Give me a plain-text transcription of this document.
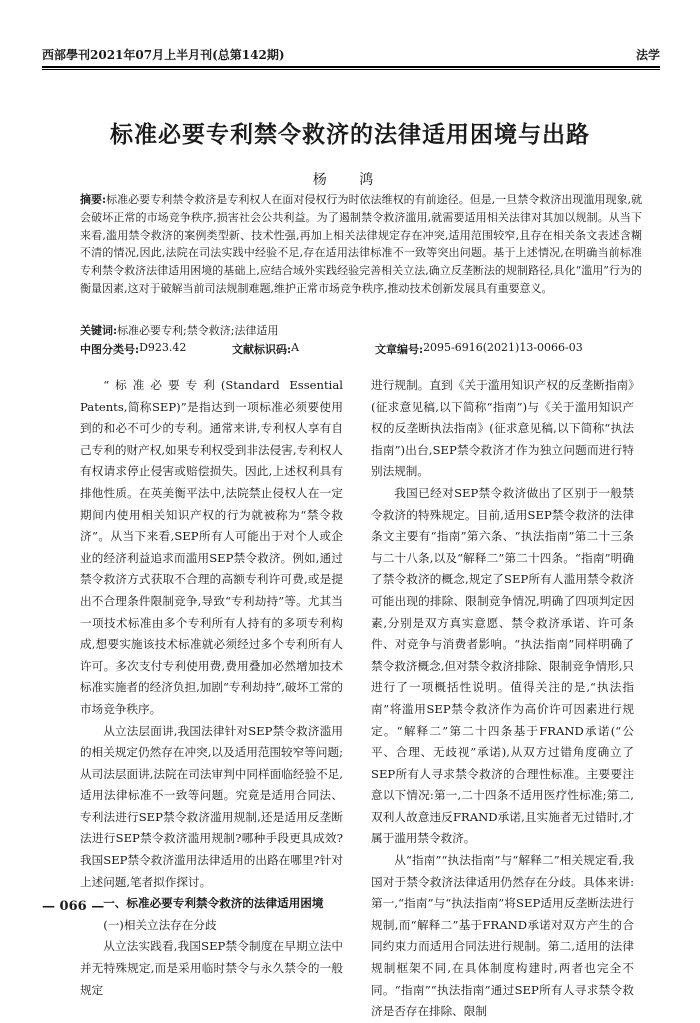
西部學刊2021年07月上半月刊(总第142期)	法学
标准必要专利禁令救济的法律适用困境与出路
杨 鸿
摘要:标准必要专利禁令救济是专利权人在面对侵权行为时依法维权的有前途径。但是,一旦禁令救济出现滥用现象,就会破坏正常的市场竞争秩序,损害社会公共利益。为了遏制禁令救济滥用,就需要适用相关法律对其加以规制。从当下来看,滥用禁令救济的案例类型新、技术性强,再加上相关法律规定存在冲突,适用范围较窄,且存在相关条文表述含糊不清的情况,因此,法院在司法实践中经验不足,存在适用法律标准不一致等突出问题。基于上述情况,在明确当前标准专利禁令救济法律适用困境的基础上,应结合域外实践经验完善相关立法,确立反垄断法的规制路径,具化“滥用”行为的衡量因素,这对于破解当前司法规制难题,维护正常市场竞争秩序,推动技术创新发展具有重要意义。
关键词:标准必要专利;禁令救济;法律适用
中图分类号: D923.42	文献标识码: A	文章编号: 2095-6916(2021)13-0066-03

“标准必要专利(Standard Essential Patents,简称SEP)”是指达到一项标准必须要使用到的和必不可少的专利。通常来讲,专利权人享有自己专利的财产权,如果专利权受到非法侵害,专利权人有权请求停止侵害或赔偿损失。因此,上述权利具有排他性质。在英美衡平法中,法院禁止侵权人在一定期间内使用相关知识产权的行为就被称为“禁令救济”。从当下来看,SEP所有人可能出于对个人或企业的经济利益追求而滥用SEP禁令救济。例如,通过禁令救济方式获取不合理的高额专利许可费,或是提出不合理条件限制竞争,导致“专利劫持”等。尤其当一项技术标准由多个专利所有人持有的多项专利构成,想要实施该技术标准就必须经过多个专利所有人许可。多次支付专利使用费,费用叠加必然增加技术标准实施者的经济负担,加剧“专利劫持”,破坏工常的市场竞争秩序。

从立法层面讲,我国法律针对SEP禁令救济滥用的相关规定仍然存在冲突,以及适用范围较窄等问题;从司法层面讲,法院在司法审判中同样面临经验不足,适用法律标准不一致等问题。究竟是适用合同法、专利法进行SEP禁令救济滥用规制,还是适用反垄断法进行SEP禁令救济滥用规制?哪种手段更具成效?我国SEP禁令救济滥用法律适用的出路在哪里?针对上述问题,笔者拟作探讨。

一、标准必要专利禁令救济的法律适用困境

(一)相关立法存在分歧

从立法实践看,我国SEP禁令制度在早期立法中并无特殊规定,而是采用临时禁令与永久禁令的一般规定

进行规制。直到《关于滥用知识产权的反垄断指南》(征求意见稿,以下简称“指南”)与《关于滥用知识产权的反垄断执法指南》(征求意见稿,以下简称“执法指南”)出台,SEP禁令救济才作为独立问题而进行特别法规制。

我国已经对SEP禁令救济做出了区别于一般禁令救济的特殊规定。目前,适用SEP禁令救济的法律条文主要有“指南”第六条、“执法指南”第二十三条与二十八条,以及“解释二”第二十四条。“指南”明确了禁令救济的概念,规定了SEP所有人滥用禁令救济可能出现的排除、限制竞争情况,明确了四项判定因素,分别是双方真实意愿、禁令救济承诺、许可条件、对竞争与消费者影响。“执法指南”同样明确了禁令救济概念,但对禁令救济排除、限制竞争情形,只进行了一项概括性说明。值得关注的是,“执法指南”将滥用SEP禁令救济作为高价许可因素进行规定。“解释二”第二十四条基于FRAND承诺(“公平、合理、无歧视”承诺),从双方过错角度确立了SEP所有人寻求禁令救济的合理性标准。主要要注意以下情况:第一,二十四条不适用医疗性标准;第二,双利人故意违反FRAND承诺,且实施者无过错时,才属于滥用禁令救济。

从“指南”“执法指南”与“解释二”相关规定看,我国对于禁令救济法律适用仍然存在分歧。具体来讲:第一,“指南”与“执法指南”将SEP适用反垄断法进行规制,而“解释二”基于FRAND承诺对双方产生的合同约束力而适用合同法进行规制。第二,适用的法律规制框架不同,在具体制度构建时,两者也完全不同。“指南”“执法指南”通过SEP所有人寻求禁令救济是否存在排除、限制

— 066 —
